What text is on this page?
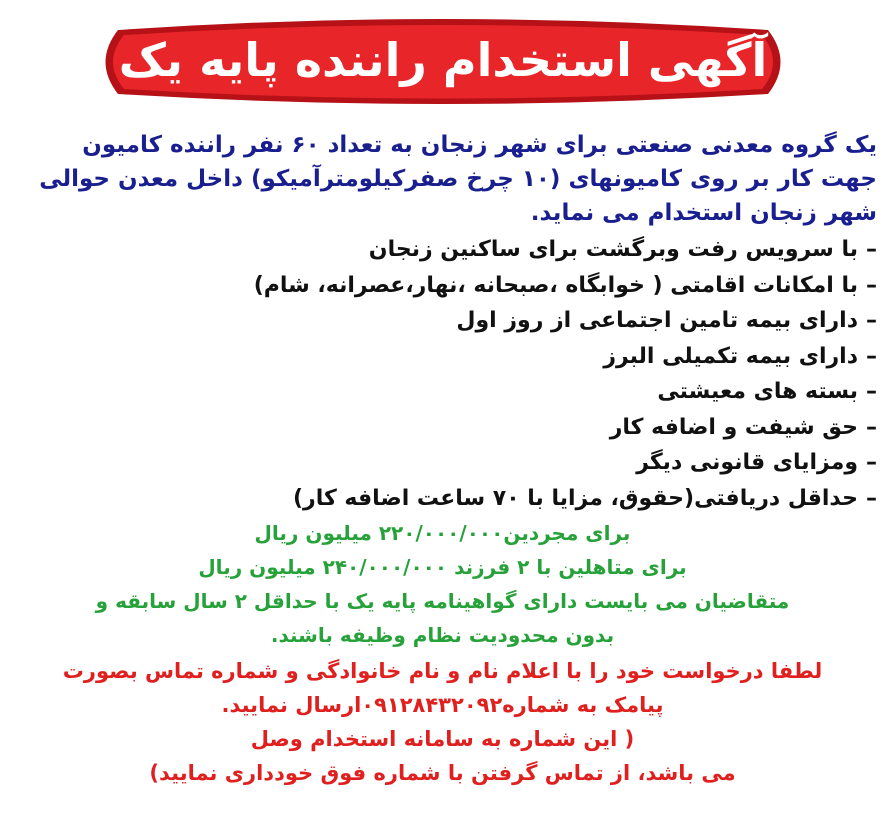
آگهی استخدام راننده پایه یک

یک گروه معدنی صنعتی برای شهر زنجان به تعداد ۶۰ نفر راننده کامیون

جهت کار بر روی کامیونهای (۱۰ چرخ صفرکیلومترآمیکو) داخل معدن حوالی

شهر زنجان استخدام می نماید.

–با سرویس رفت وبرگشت برای ساکنین زنجان
–با امکانات اقامتی ( خوابگاه ،صبحانه ،نهار،عصرانه، شام)
–دارای بیمه تامین اجتماعی از روز اول
–دارای بیمه تکمیلی البرز
–بسته های معیشتی
–حق شیفت و اضافه کار
–ومزایای قانونی دیگر
–حداقل دریافتی(حقوق، مزایا با ۷۰ ساعت اضافه کار)

برای مجردین۲۲۰/۰۰۰/۰۰۰ میلیون ریال

برای متاهلین با ۲ فرزند ۲۴۰/۰۰۰/۰۰۰ میلیون ریال

متقاضیان می بایست دارای گواهینامه پایه یک با حداقل ۲ سال سابقه و

بدون محدودیت نظام وظیفه باشند.

لطفا درخواست خود را با اعلام نام و نام خانوادگی و شماره تماس بصورت

پیامک به شماره۰۹۱۲۸۴۳۲۰۹۲ارسال نمایید.

( این شماره به سامانه استخدام وصل

می باشد، از تماس گرفتن با شماره فوق خودداری نمایید)
